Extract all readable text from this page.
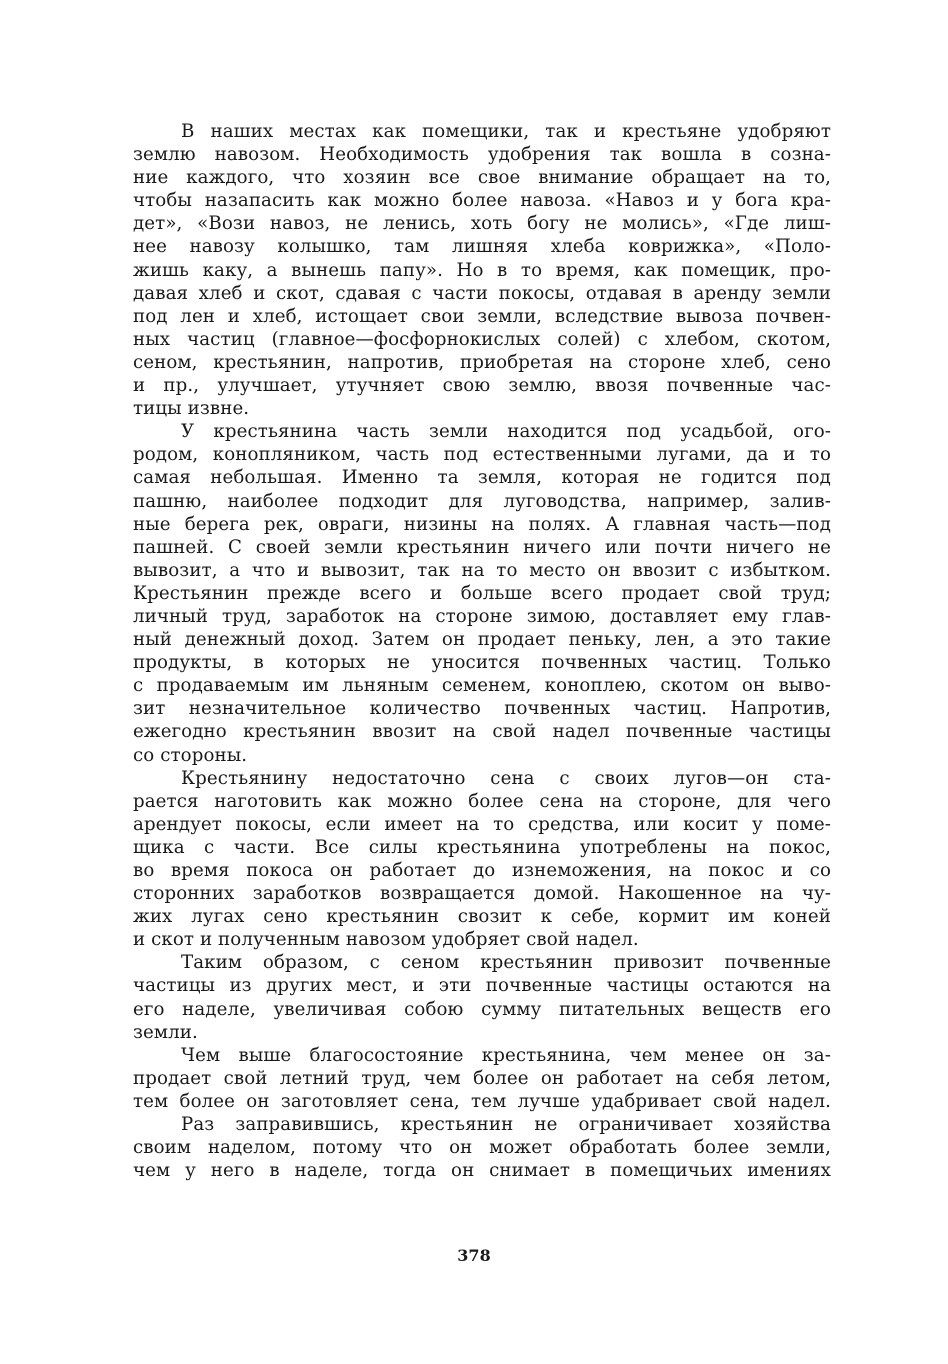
В наших местах как помещики, так и крестьяне удобряют
землю навозом. Необходимость удобрения так вошла в созна-
ние каждого, что хозяин все свое внимание обращает на то,
чтобы назапасить как можно более навоза. «Навоз и у бога кра-
дет», «Вози навоз, не ленись, хоть богу не молись», «Где лиш-
нее навозу колышко, там лишняя хлеба коврижка», «Поло-
жишь каку, а вынешь папу». Но в то время, как помещик, про-
давая хлеб и скот, сдавая с части покосы, отдавая в аренду земли
под лен и хлеб, истощает свои земли, вследствие вывоза почвен-
ных частиц (главное—фосфорнокислых солей) с хлебом, скотом,
сеном, крестьянин, напротив, приобретая на стороне хлеб, сено
и пр., улучшает, утучняет свою землю, ввозя почвенные час-
тицы извне.
У крестьянина часть земли находится под усадьбой, ого-
родом, конопляником, часть под естественными лугами, да и то
самая небольшая. Именно та земля, которая не годится под
пашню, наиболее подходит для луговодства, например, залив-
ные берега рек, овраги, низины на полях. А главная часть—под
пашней. С своей земли крестьянин ничего или почти ничего не
вывозит, а что и вывозит, так на то место он ввозит с избытком.
Крестьянин прежде всего и больше всего продает свой труд;
личный труд, заработок на стороне зимою, доставляет ему глав-
ный денежный доход. Затем он продает пеньку, лен, а это такие
продукты, в которых не уносится почвенных частиц. Только
с продаваемым им льняным семенем, коноплею, скотом он выво-
зит незначительное количество почвенных частиц. Напротив,
ежегодно крестьянин ввозит на свой надел почвенные частицы
со стороны.
Крестьянину недостаточно сена с своих лугов—он ста-
рается наготовить как можно более сена на стороне, для чего
арендует покосы, если имеет на то средства, или косит у поме-
щика с части. Все силы крестьянина употреблены на покос,
во время покоса он работает до изнеможения, на покос и со
сторонних заработков возвращается домой. Накошенное на чу-
жих лугах сено крестьянин свозит к себе, кормит им коней
и скот и полученным навозом удобряет свой надел.
Таким образом, с сеном крестьянин привозит почвенные
частицы из других мест, и эти почвенные частицы остаются на
его наделе, увеличивая собою сумму питательных веществ его
земли.
Чем выше благосостояние крестьянина, чем менее он за-
продает свой летний труд, чем более он работает на себя летом,
тем более он заготовляет сена, тем лучше удабривает свой надел.
Раз заправившись, крестьянин не ограничивает хозяйства
своим наделом, потому что он может обработать более земли,
чем у него в наделе, тогда он снимает в помещичьих имениях
378
